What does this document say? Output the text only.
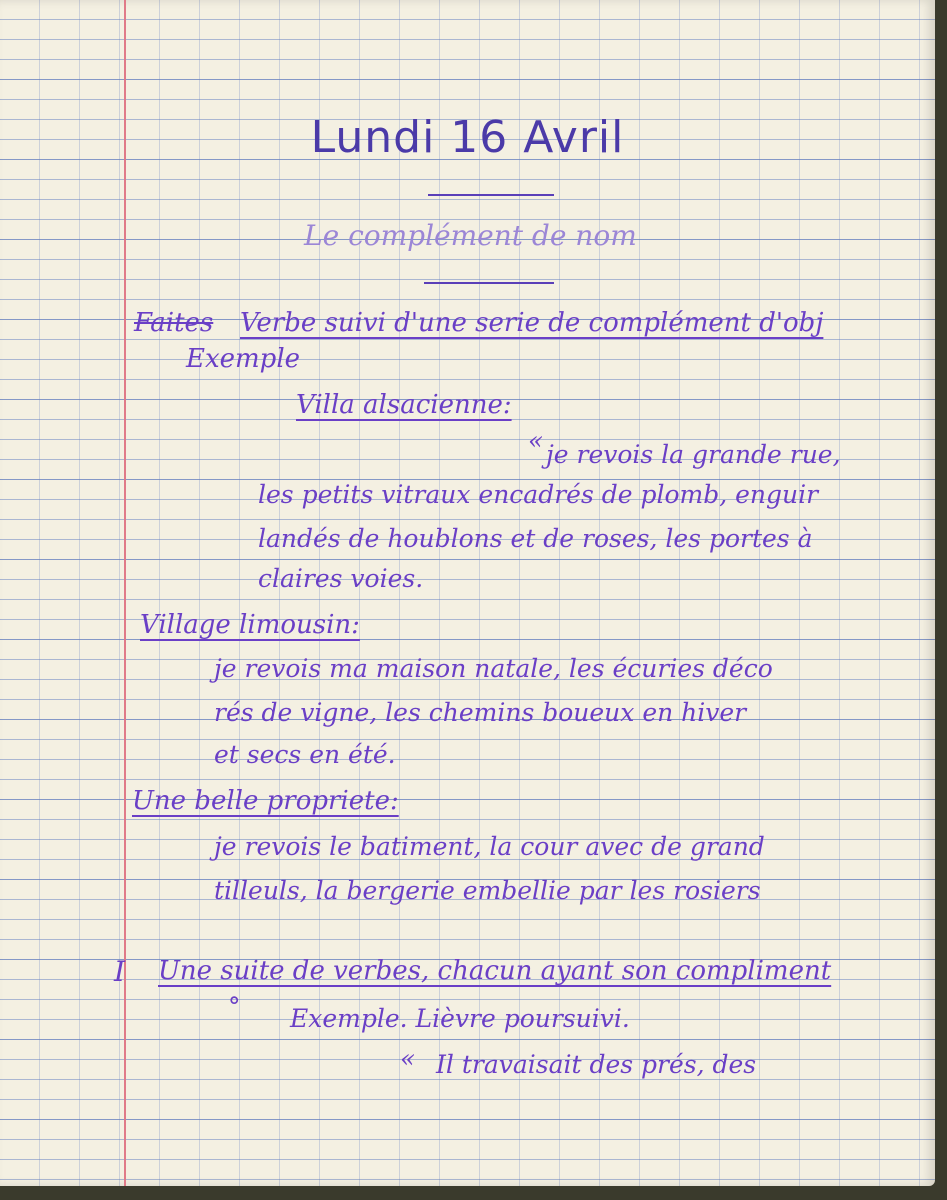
Lundi 16 Avril
Le complément de nom
Faites Verbe suivi d'une serie de complément d'obj
Exemple
Villa alsacienne:
« je revois la grande rue,
les petits vitraux encadrés de plomb, enguir
landés de houblons et de roses, les portes à
claires voies.
Village limousin:
je revois ma maison natale, les écuries déco
rés de vigne, les chemins boueux en hiver
et secs en été.
Une belle propriete:
je revois le batiment, la cour avec de grand
tilleuls, la bergerie embellie par les rosiers
I Une suite de verbes, chacun ayant son compliment
° Exemple. Lièvre poursuivi.
« Il travaisait des prés, des
